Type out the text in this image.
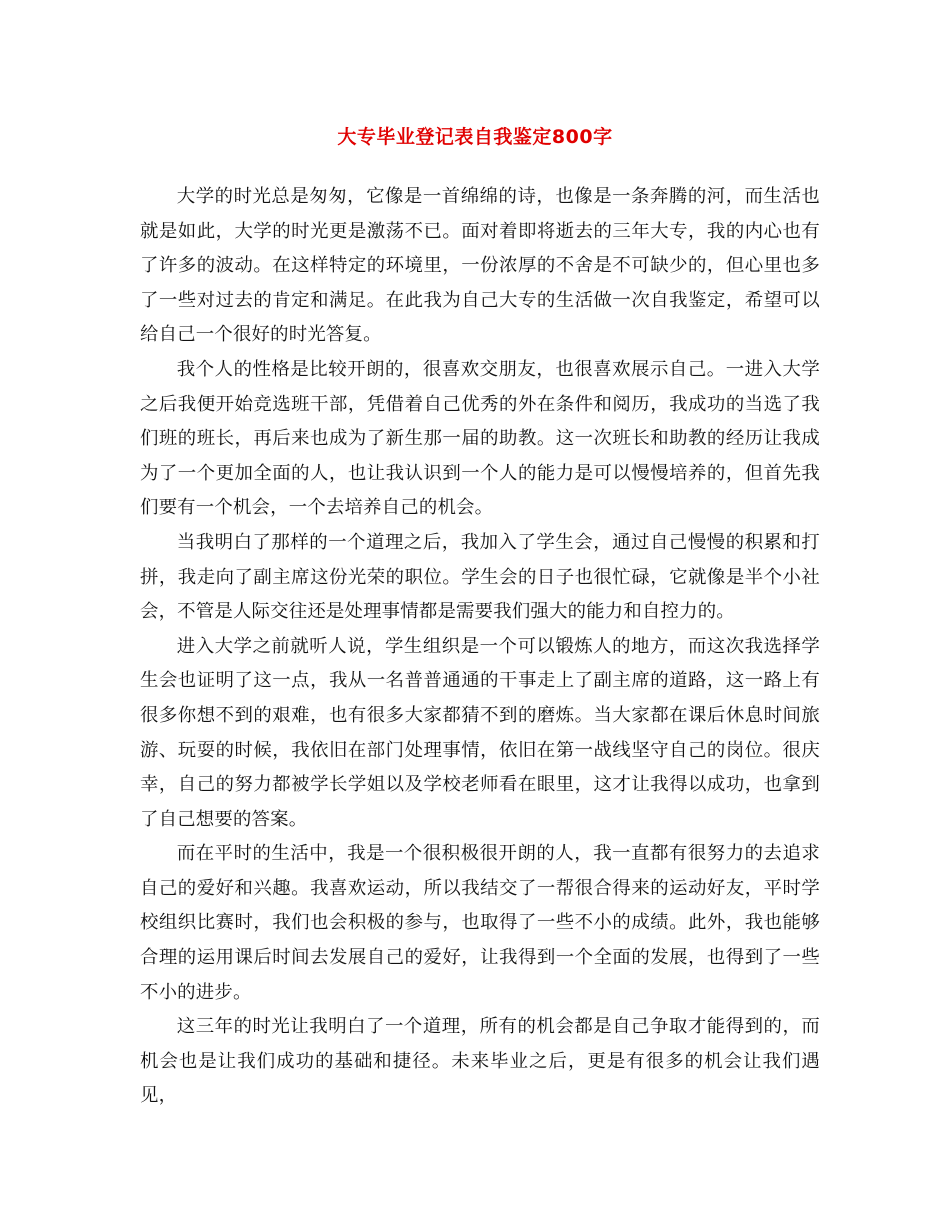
大专毕业登记表自我鉴定800字

大学的时光总是匆匆，它像是一首绵绵的诗，也像是一条奔腾的河，而生活也就是如此，大学的时光更是激荡不已。面对着即将逝去的三年大专，我的内心也有了许多的波动。在这样特定的环境里，一份浓厚的不舍是不可缺少的，但心里也多了一些对过去的肯定和满足。在此我为自己大专的生活做一次自我鉴定，希望可以给自己一个很好的时光答复。

我个人的性格是比较开朗的，很喜欢交朋友，也很喜欢展示自己。一进入大学之后我便开始竞选班干部，凭借着自己优秀的外在条件和阅历，我成功的当选了我们班的班长，再后来也成为了新生那一届的助教。这一次班长和助教的经历让我成为了一个更加全面的人，也让我认识到一个人的能力是可以慢慢培养的，但首先我们要有一个机会，一个去培养自己的机会。

当我明白了那样的一个道理之后，我加入了学生会，通过自己慢慢的积累和打拼，我走向了副主席这份光荣的职位。学生会的日子也很忙碌，它就像是半个小社会，不管是人际交往还是处理事情都是需要我们强大的能力和自控力的。

进入大学之前就听人说，学生组织是一个可以锻炼人的地方，而这次我选择学生会也证明了这一点，我从一名普普通通的干事走上了副主席的道路，这一路上有很多你想不到的艰难，也有很多大家都猜不到的磨炼。当大家都在课后休息时间旅游、玩耍的时候，我依旧在部门处理事情，依旧在第一战线坚守自己的岗位。很庆幸，自己的努力都被学长学姐以及学校老师看在眼里，这才让我得以成功，也拿到了自己想要的答案。

而在平时的生活中，我是一个很积极很开朗的人，我一直都有很努力的去追求自己的爱好和兴趣。我喜欢运动，所以我结交了一帮很合得来的运动好友，平时学校组织比赛时，我们也会积极的参与，也取得了一些不小的成绩。此外，我也能够合理的运用课后时间去发展自己的爱好，让我得到一个全面的发展，也得到了一些不小的进步。

这三年的时光让我明白了一个道理，所有的机会都是自己争取才能得到的，而机会也是让我们成功的基础和捷径。未来毕业之后，更是有很多的机会让我们遇见，
